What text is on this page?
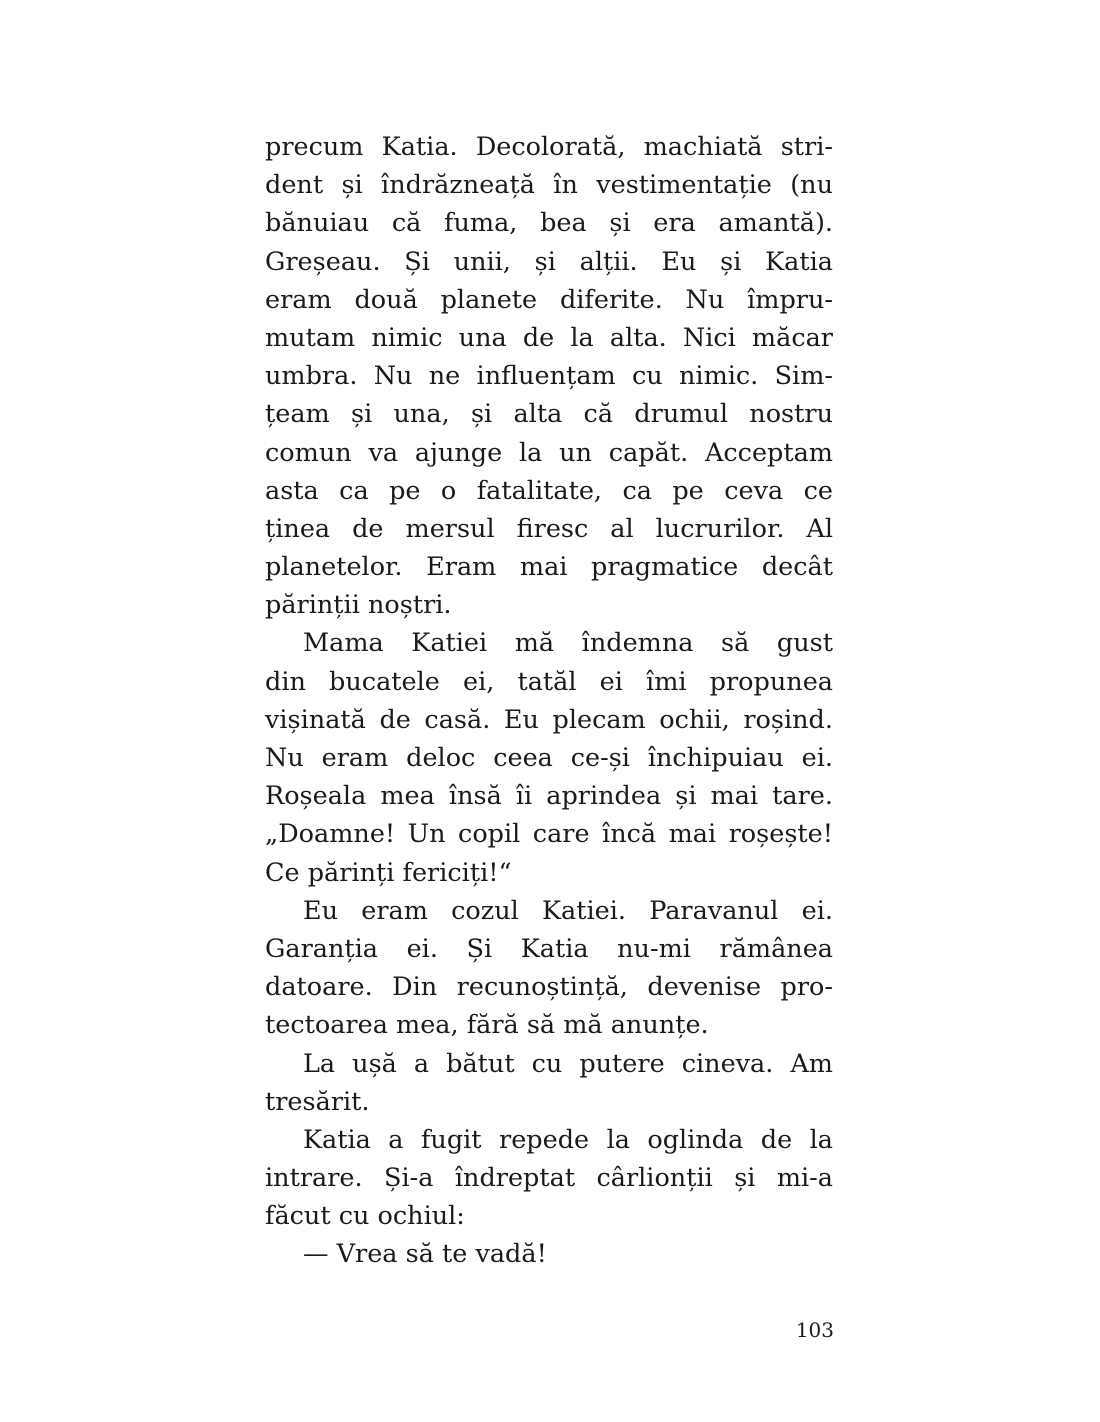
precum Katia. Decolorată, machiată stri-
dent și îndrăzneață în vestimentație (nu
bănuiau că fuma, bea și era amantă).
Greșeau. Și unii, și alții. Eu și Katia
eram două planete diferite. Nu împru-
mutam nimic una de la alta. Nici măcar
umbra. Nu ne influențam cu nimic. Sim-
țeam și una, și alta că drumul nostru
comun va ajunge la un capăt. Acceptam
asta ca pe o fatalitate, ca pe ceva ce
ținea de mersul firesc al lucrurilor. Al
planetelor. Eram mai pragmatice decât
părinții noștri.
Mama Katiei mă îndemna să gust
din bucatele ei, tatăl ei îmi propunea
vișinată de casă. Eu plecam ochii, roșind.
Nu eram deloc ceea ce-și închipuiau ei.
Roșeala mea însă îi aprindea și mai tare.
„Doamne! Un copil care încă mai roșește!
Ce părinți fericiți!“
Eu eram cozul Katiei. Paravanul ei.
Garanția ei. Și Katia nu-mi rămânea
datoare. Din recunoștință, devenise pro-
tectoarea mea, fără să mă anunțe.
La ușă a bătut cu putere cineva. Am
tresărit.
Katia a fugit repede la oglinda de la
intrare. Și-a îndreptat cârlionții și mi-a
făcut cu ochiul:
— Vrea să te vadă!
103
